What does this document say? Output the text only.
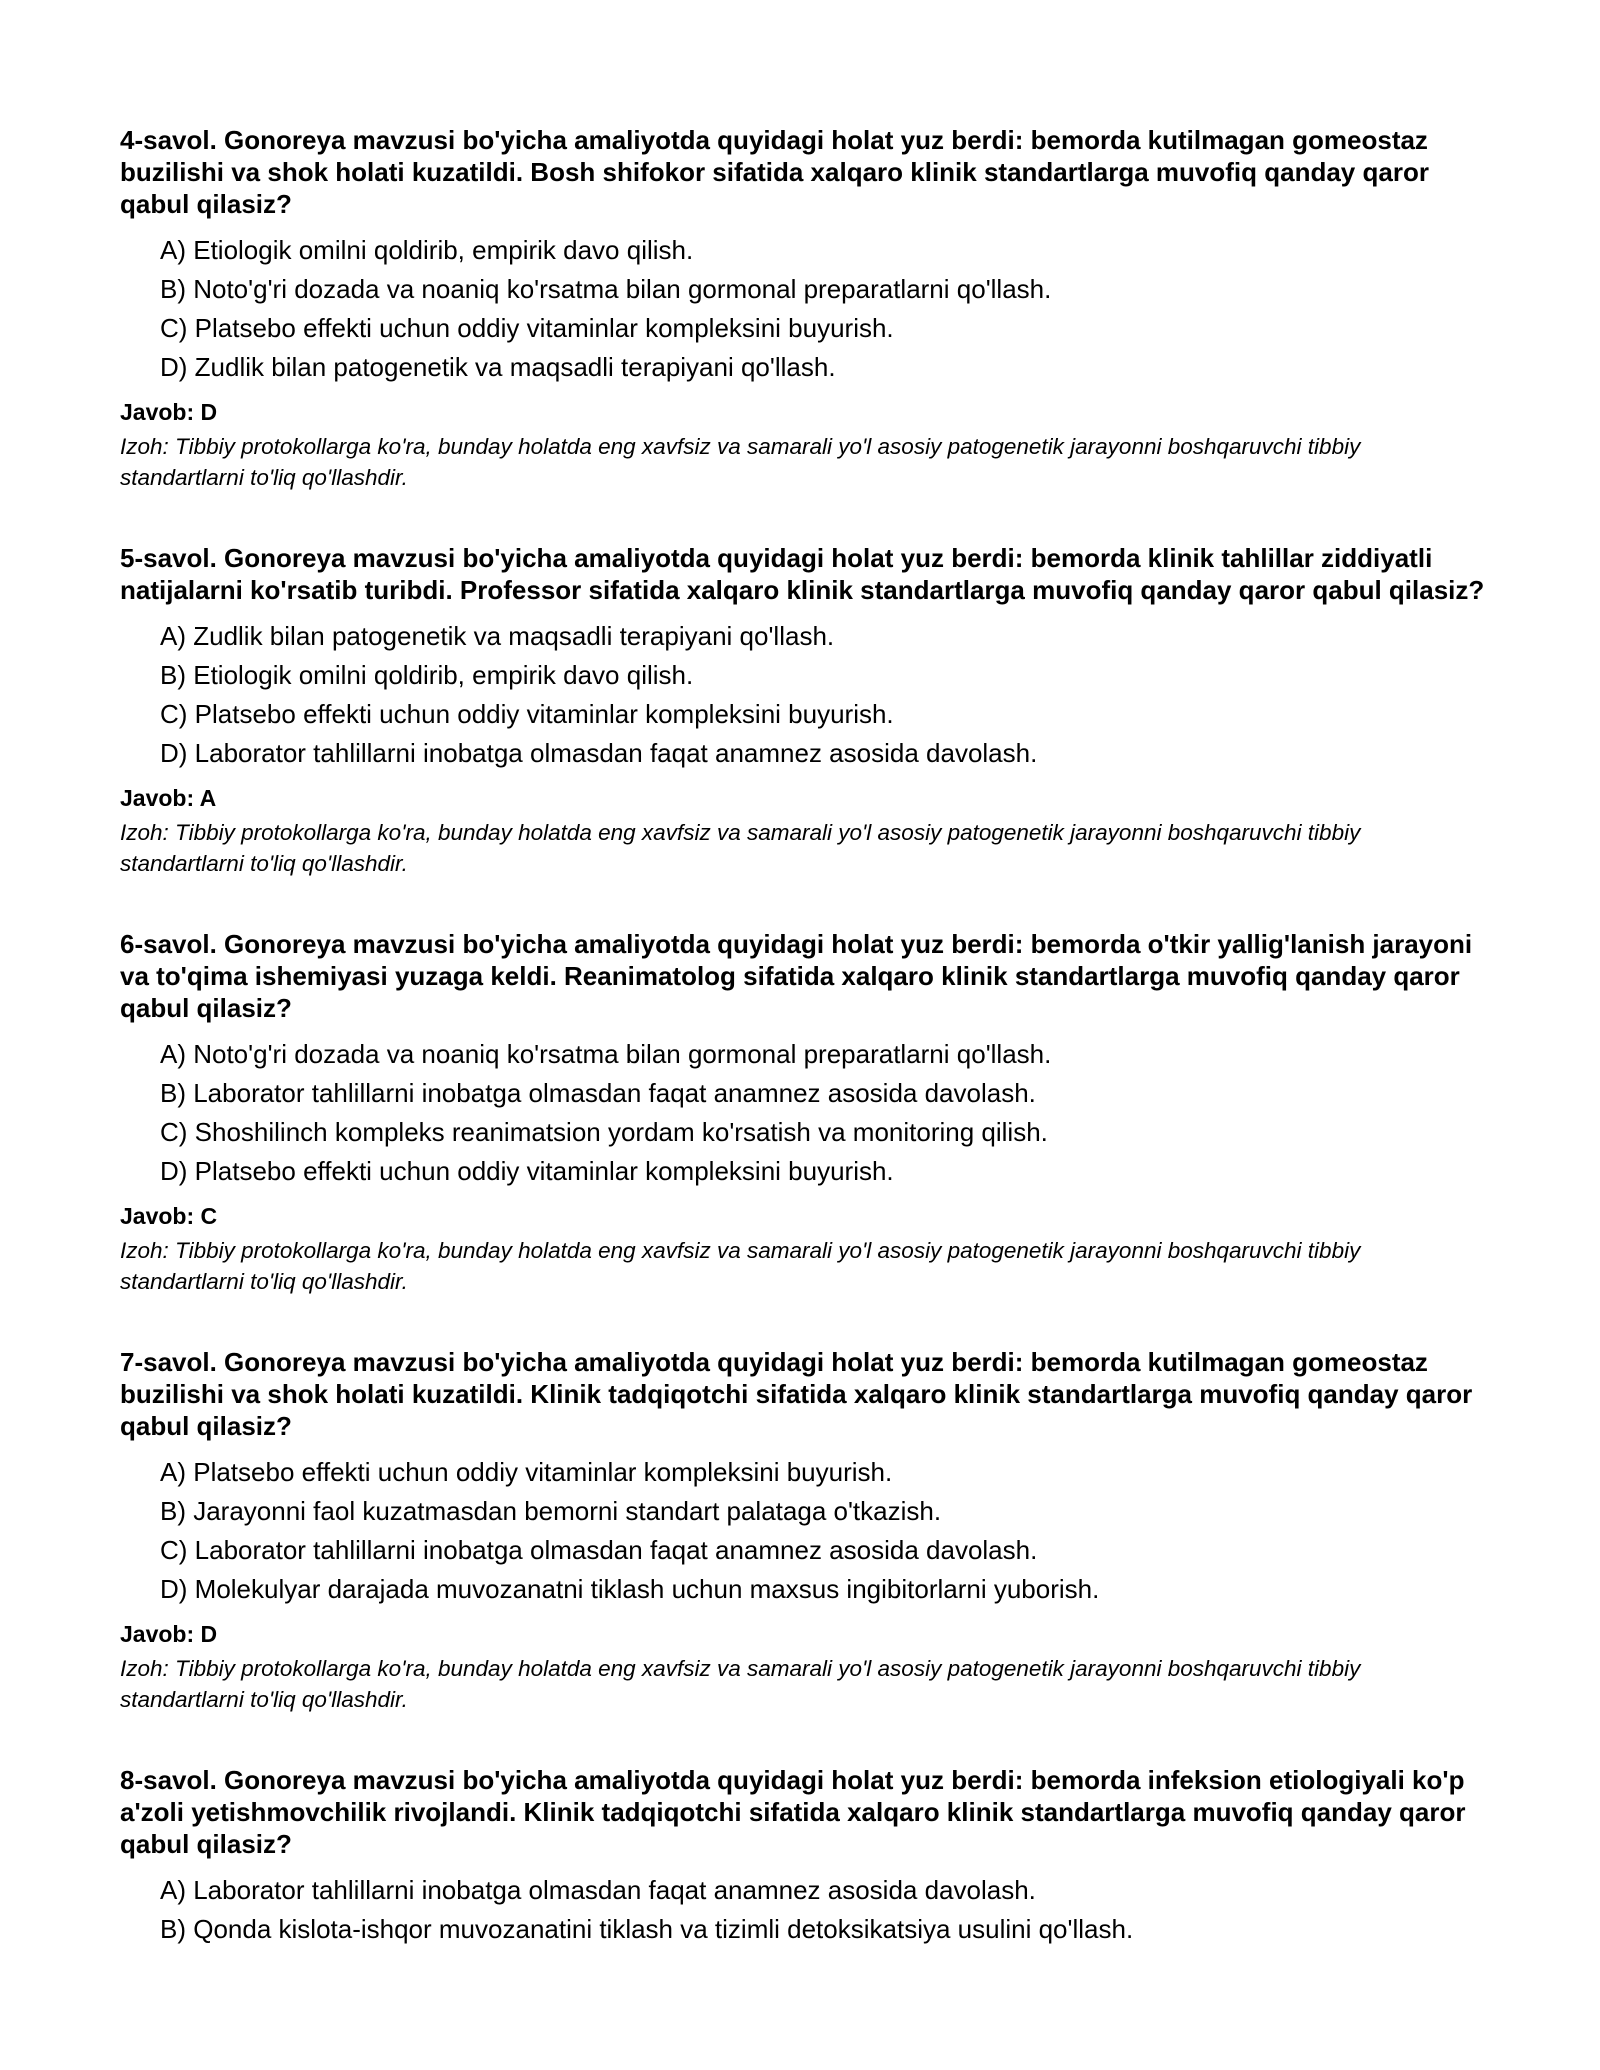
4-savol. Gonoreya mavzusi bo'yicha amaliyotda quyidagi holat yuz berdi: bemorda kutilmagan gomeostaz buzilishi va shok holati kuzatildi. Bosh shifokor sifatida xalqaro klinik standartlarga muvofiq qanday qaror qabul qilasiz?

A) Etiologik omilni qoldirib, empirik davo qilish.
B) Noto'g'ri dozada va noaniq ko'rsatma bilan gormonal preparatlarni qo'llash.
C) Platsebo effekti uchun oddiy vitaminlar kompleksini buyurish.
D) Zudlik bilan patogenetik va maqsadli terapiyani qo'llash.

Javob: D

Izoh: Tibbiy protokollarga ko'ra, bunday holatda eng xavfsiz va samarali yo'l asosiy patogenetik jarayonni boshqaruvchi tibbiy standartlarni to'liq qo'llashdir.

5-savol. Gonoreya mavzusi bo'yicha amaliyotda quyidagi holat yuz berdi: bemorda klinik tahlillar ziddiyatli natijalarni ko'rsatib turibdi. Professor sifatida xalqaro klinik standartlarga muvofiq qanday qaror qabul qilasiz?

A) Zudlik bilan patogenetik va maqsadli terapiyani qo'llash.
B) Etiologik omilni qoldirib, empirik davo qilish.
C) Platsebo effekti uchun oddiy vitaminlar kompleksini buyurish.
D) Laborator tahlillarni inobatga olmasdan faqat anamnez asosida davolash.

Javob: A

Izoh: Tibbiy protokollarga ko'ra, bunday holatda eng xavfsiz va samarali yo'l asosiy patogenetik jarayonni boshqaruvchi tibbiy standartlarni to'liq qo'llashdir.

6-savol. Gonoreya mavzusi bo'yicha amaliyotda quyidagi holat yuz berdi: bemorda o'tkir yallig'lanish jarayoni va to'qima ishemiyasi yuzaga keldi. Reanimatolog sifatida xalqaro klinik standartlarga muvofiq qanday qaror qabul qilasiz?

A) Noto'g'ri dozada va noaniq ko'rsatma bilan gormonal preparatlarni qo'llash.
B) Laborator tahlillarni inobatga olmasdan faqat anamnez asosida davolash.
C) Shoshilinch kompleks reanimatsion yordam ko'rsatish va monitoring qilish.
D) Platsebo effekti uchun oddiy vitaminlar kompleksini buyurish.

Javob: C

Izoh: Tibbiy protokollarga ko'ra, bunday holatda eng xavfsiz va samarali yo'l asosiy patogenetik jarayonni boshqaruvchi tibbiy standartlarni to'liq qo'llashdir.

7-savol. Gonoreya mavzusi bo'yicha amaliyotda quyidagi holat yuz berdi: bemorda kutilmagan gomeostaz buzilishi va shok holati kuzatildi. Klinik tadqiqotchi sifatida xalqaro klinik standartlarga muvofiq qanday qaror qabul qilasiz?

A) Platsebo effekti uchun oddiy vitaminlar kompleksini buyurish.
B) Jarayonni faol kuzatmasdan bemorni standart palataga o'tkazish.
C) Laborator tahlillarni inobatga olmasdan faqat anamnez asosida davolash.
D) Molekulyar darajada muvozanatni tiklash uchun maxsus ingibitorlarni yuborish.

Javob: D

Izoh: Tibbiy protokollarga ko'ra, bunday holatda eng xavfsiz va samarali yo'l asosiy patogenetik jarayonni boshqaruvchi tibbiy standartlarni to'liq qo'llashdir.

8-savol. Gonoreya mavzusi bo'yicha amaliyotda quyidagi holat yuz berdi: bemorda infeksion etiologiyali ko'p a'zoli yetishmovchilik rivojlandi. Klinik tadqiqotchi sifatida xalqaro klinik standartlarga muvofiq qanday qaror qabul qilasiz?

A) Laborator tahlillarni inobatga olmasdan faqat anamnez asosida davolash.
B) Qonda kislota-ishqor muvozanatini tiklash va tizimli detoksikatsiya usulini qo'llash.
